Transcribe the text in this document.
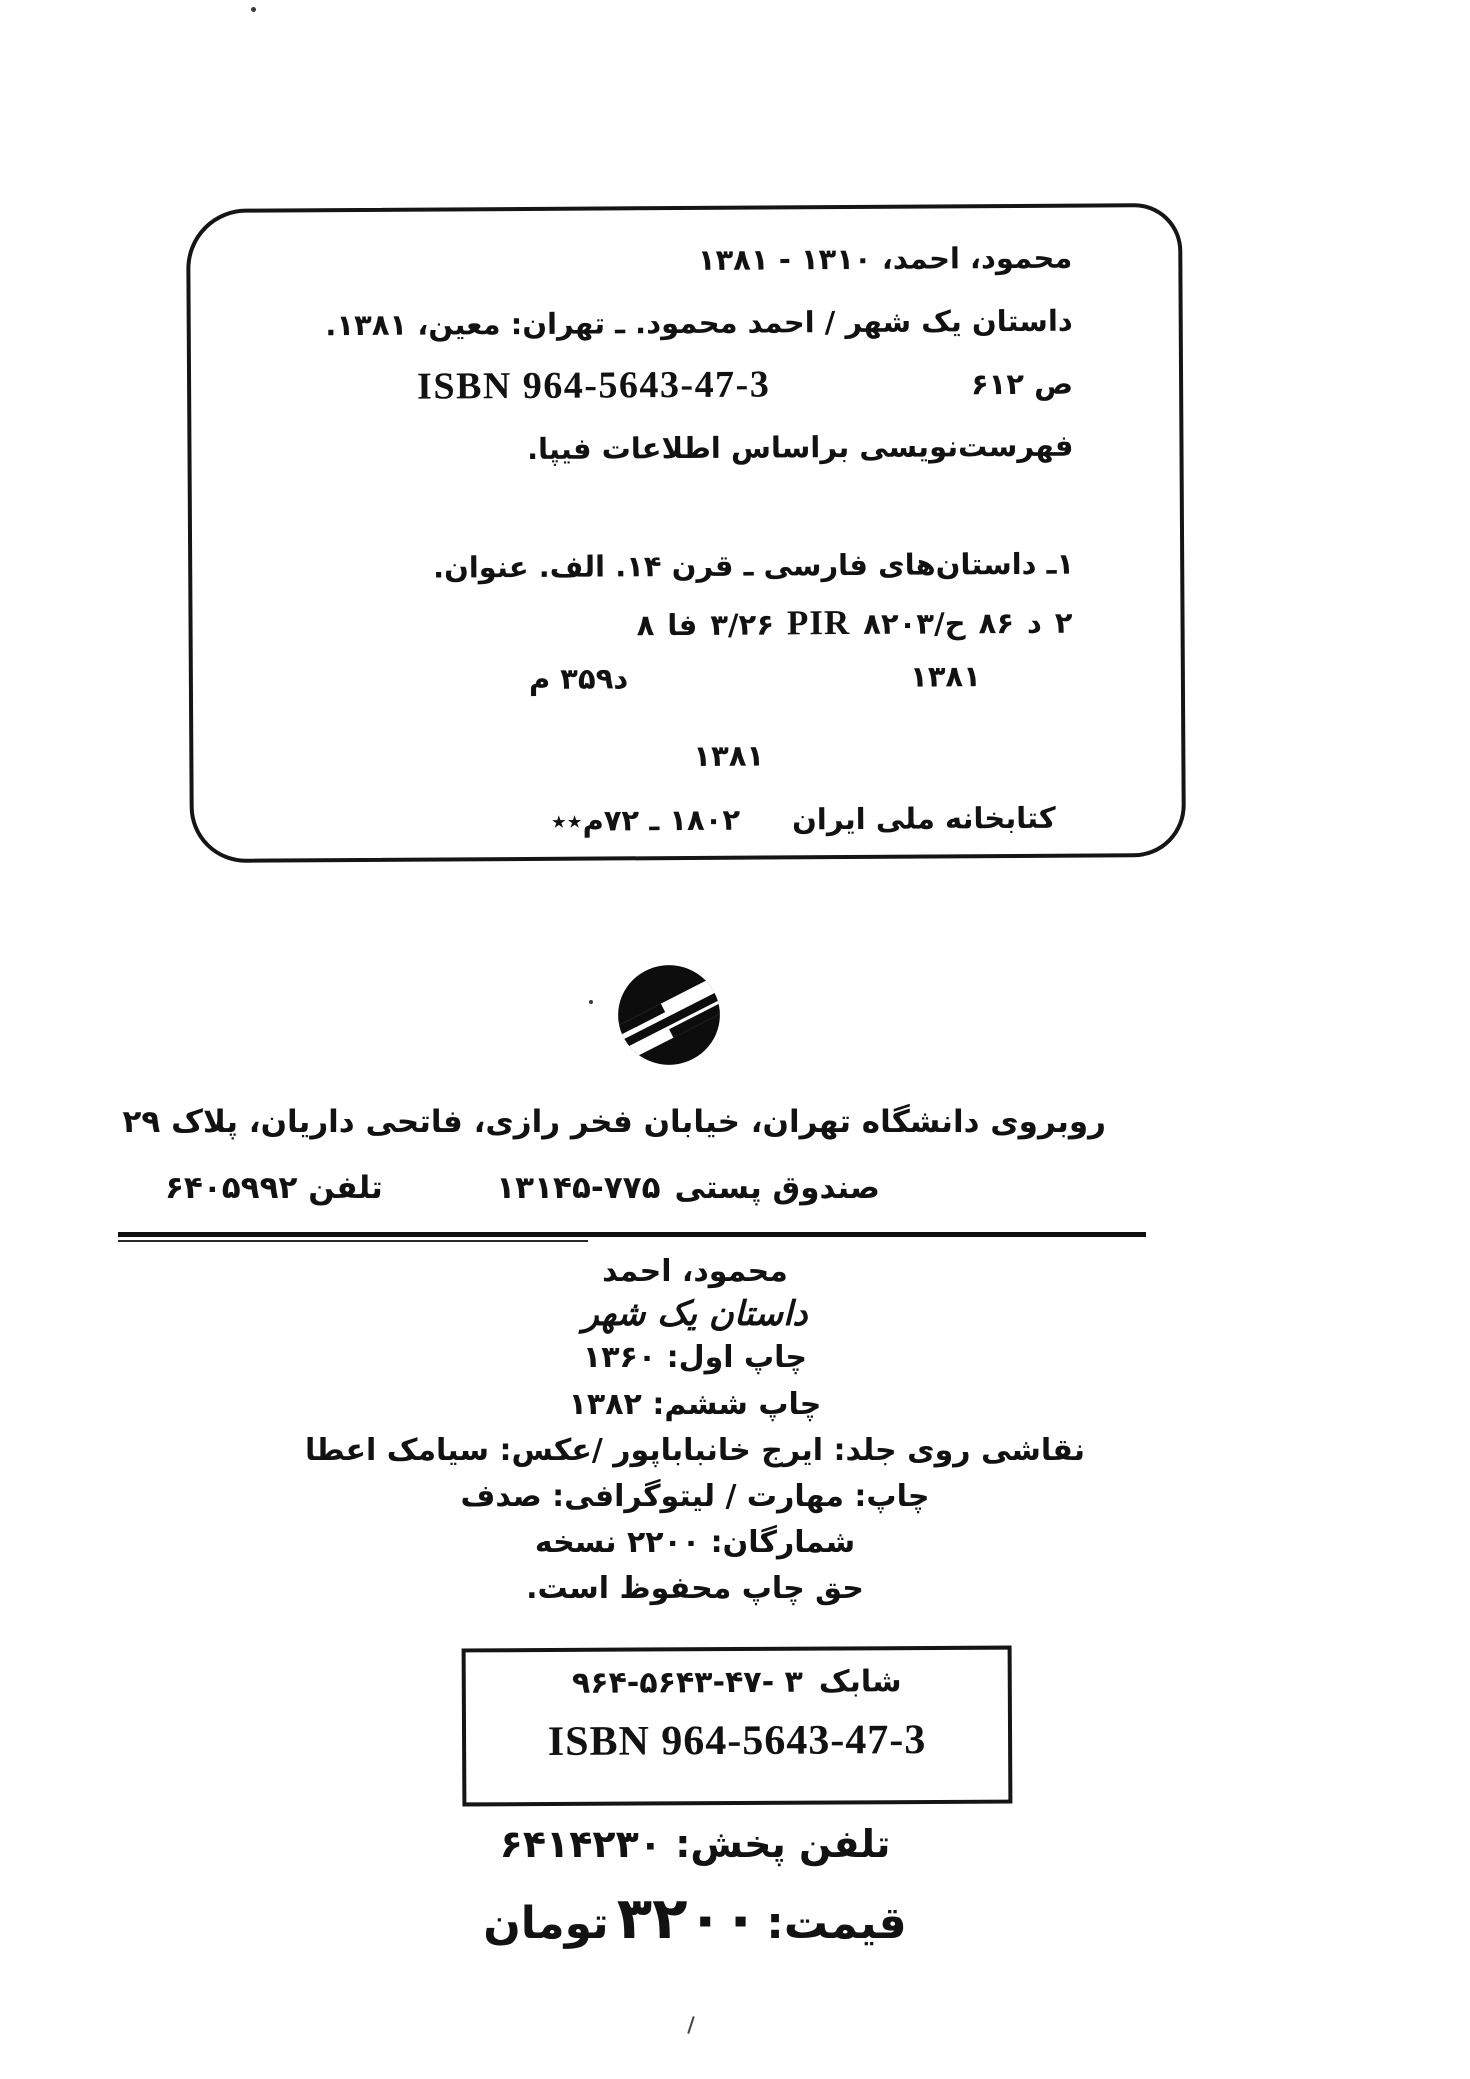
محمود، احمد، ۱۳۱۰ - ۱۳۸۱
داستان یک شهر / احمد محمود. ـ تهران: معین، ۱۳۸۱.
ISBN 964-5643-47-3	۶۱۲ ص
فهرست‌نویسی براساس اطلاعات فیپا.
۱ـ داستان‌های فارسی ـ قرن ۱۴. الف. عنوان.
۸ فا ۳/۲۶ PIR ۸۲۰۳/ح ۸۶ د ۲
د۳۵۹ م	۱۳۸۱
۱۳۸۱
۱۸۰۲ ـ ۷۲م٭٭ کتابخانه ملی ایران
روبروی دانشگاه تهران، خیابان فخر رازی، فاتحی داریان، پلاک ۲۹
تلفن ۶۴۰۵۹۹۲	۱۳۱۴۵-۷۷۵ صندوق پستی
محمود، احمد
داستان یک شهر
چاپ اول: ۱۳۶۰
چاپ ششم: ۱۳۸۲
نقاشی روی جلد: ایرج خانباباپور /عکس: سیامک اعطا
چاپ: مهارت / لیتوگرافی: صدف
شمارگان: ۲۲۰۰ نسخه
حق چاپ محفوظ است.
۹۶۴-۵۶۴۳-۴۷- ۳ شابک
ISBN 964-5643-47-3
تلفن پخش: ۶۴۱۴۲۳۰
قیمت:
۳۲۰۰
تومان
